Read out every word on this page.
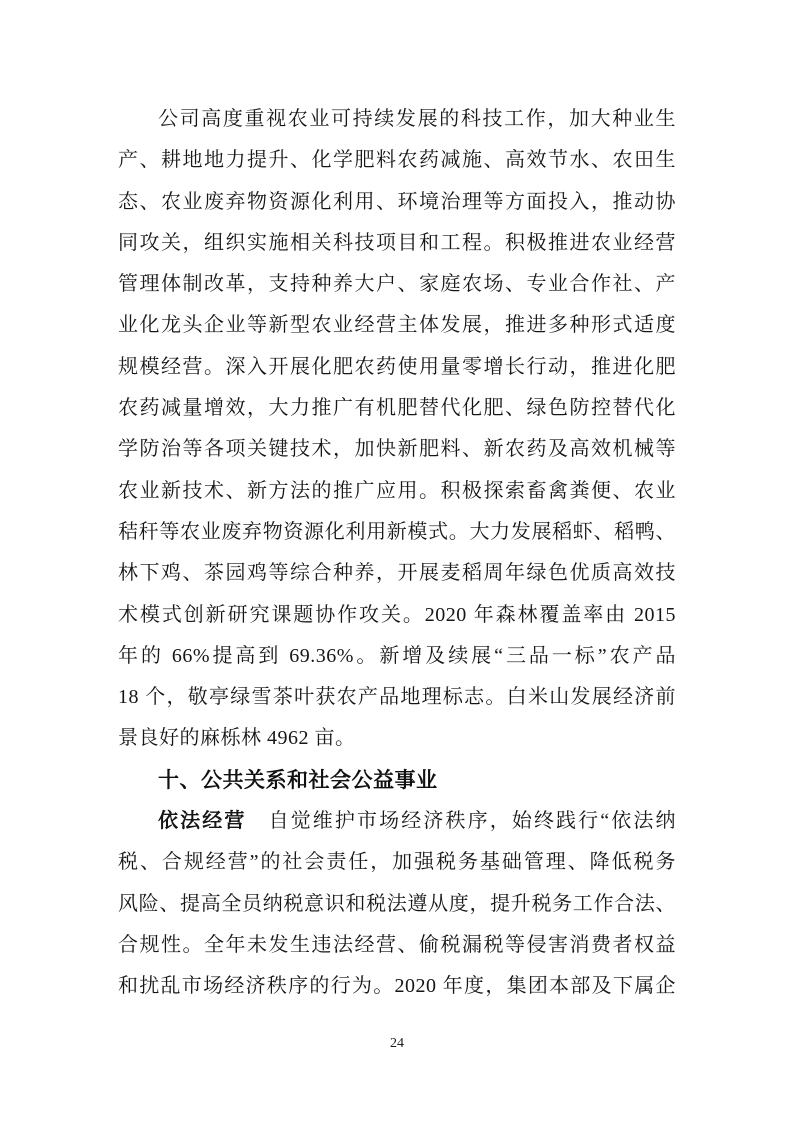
公司高度重视农业可持续发展的科技工作，加大种业生
产、耕地地力提升、化学肥料农药减施、高效节水、农田生
态、农业废弃物资源化利用、环境治理等方面投入，推动协
同攻关，组织实施相关科技项目和工程。积极推进农业经营
管理体制改革，支持种养大户、家庭农场、专业合作社、产
业化龙头企业等新型农业经营主体发展，推进多种形式适度
规模经营。深入开展化肥农药使用量零增长行动，推进化肥
农药减量增效，大力推广有机肥替代化肥、绿色防控替代化
学防治等各项关键技术，加快新肥料、新农药及高效机械等
农业新技术、新方法的推广应用。积极探索畜禽粪便、农业
秸秆等农业废弃物资源化利用新模式。大力发展稻虾、稻鸭、
林下鸡、茶园鸡等综合种养，开展麦稻周年绿色优质高效技
术模式创新研究课题协作攻关。2020 年森林覆盖率由 2015
年的 66%提高到 69.36%。新增及续展“三品一标”农产品
18 个，敬亭绿雪茶叶获农产品地理标志。白米山发展经济前
景良好的麻栎林 4962 亩。
十、公共关系和社会公益事业
依法经营　自觉维护市场经济秩序，始终践行“依法纳
税、合规经营”的社会责任，加强税务基础管理、降低税务
风险、提高全员纳税意识和税法遵从度，提升税务工作合法、
合规性。全年未发生违法经营、偷税漏税等侵害消费者权益
和扰乱市场经济秩序的行为。2020 年度，集团本部及下属企
24
